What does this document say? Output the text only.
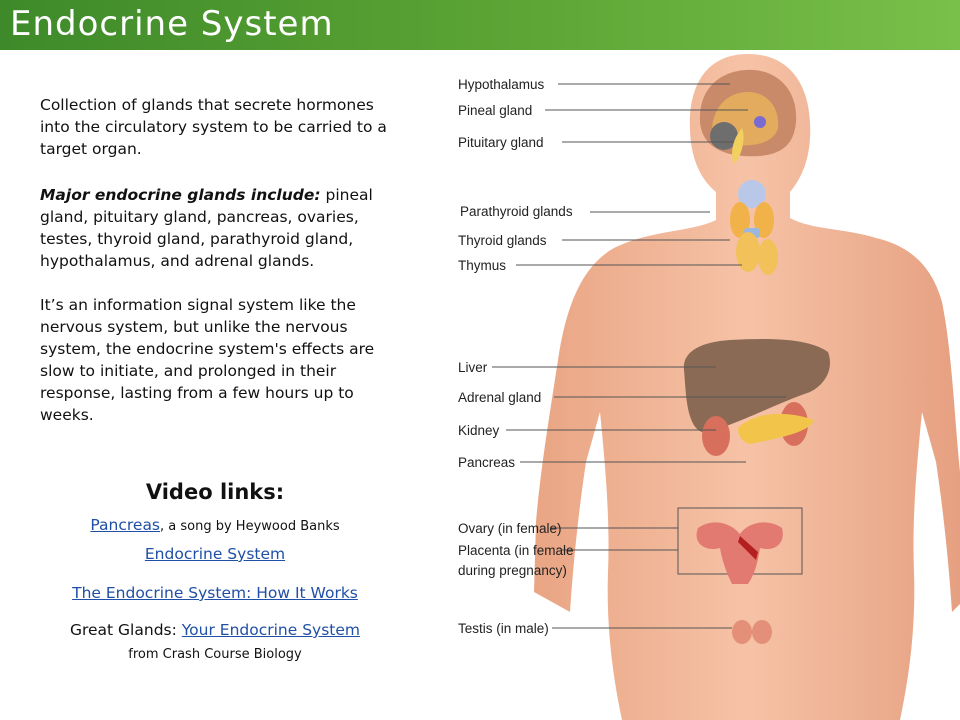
Endocrine System
Collection of glands that secrete hormones into the circulatory system to be carried to a target organ.
Major endocrine glands include: pineal gland, pituitary gland, pancreas, ovaries, testes, thyroid gland, parathyroid gland, hypothalamus, and adrenal glands.
It’s an information signal system like the nervous system, but unlike the nervous system, the endocrine system's effects are slow to initiate, and prolonged in their response, lasting from a few hours up to weeks.
Video links:
Pancreas, a song by Heywood Banks
Endocrine System
The Endocrine System: How It Works
Great Glands: Your Endocrine System
from Crash Course Biology
Hypothalamus
Pineal gland
Pituitary gland
Parathyroid glands
Thyroid glands
Thymus
Liver
Adrenal gland
Kidney
Pancreas
Ovary (in female)
Placenta (in female
during pregnancy)
Testis (in male)
